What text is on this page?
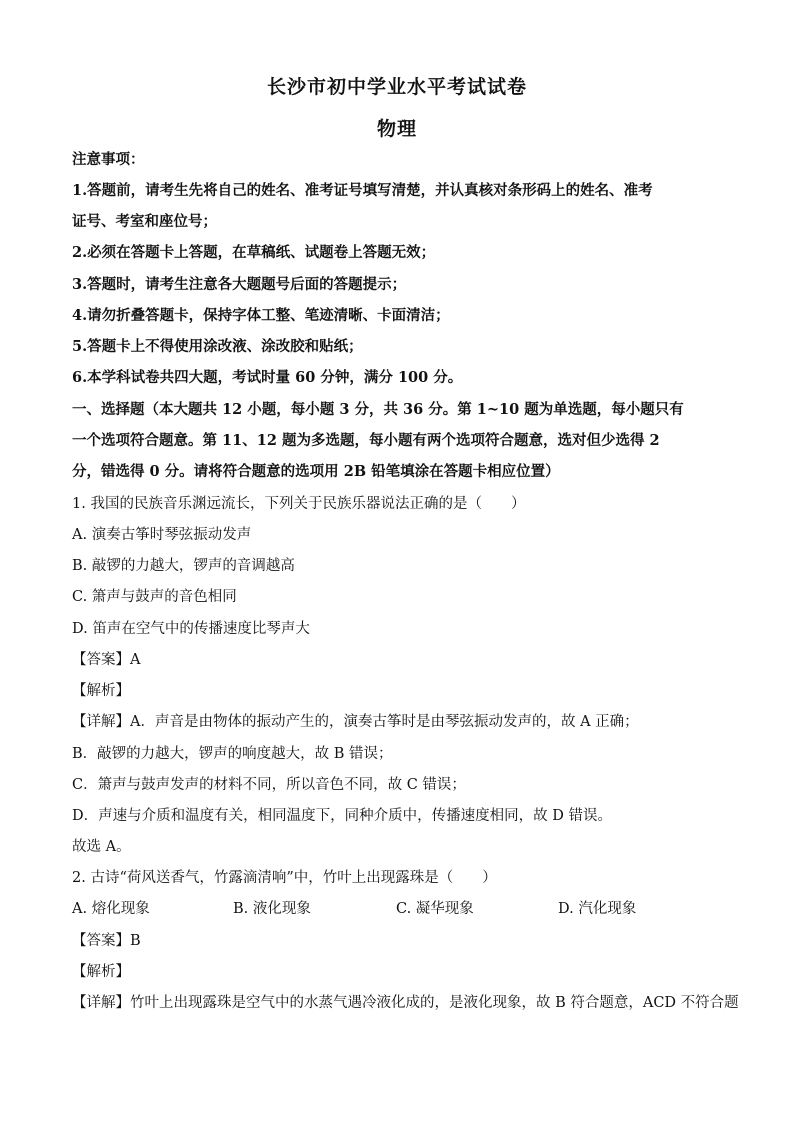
长沙市初中学业水平考试试卷
物理
注意事项：
1.答题前，请考生先将自己的姓名、准考证号填写清楚，并认真核对条形码上的姓名、准考
证号、考室和座位号；
2.必须在答题卡上答题，在草稿纸、试题卷上答题无效；
3.答题时，请考生注意各大题题号后面的答题提示；
4.请勿折叠答题卡，保持字体工整、笔迹清晰、卡面清洁；
5.答题卡上不得使用涂改液、涂改胶和贴纸；
6.本学科试卷共四大题，考试时量 60 分钟，满分 100 分。
一、选择题（本大题共 12 小题，每小题 3 分，共 36 分。第 1~10 题为单选题，每小题只有
一个选项符合题意。第 11、12 题为多选题，每小题有两个选项符合题意，选对但少选得 2
分，错选得 0 分。请将符合题意的选项用 2B 铅笔填涂在答题卡相应位置）
1. 我国的民族音乐渊远流长，下列关于民族乐器说法正确的是（　　）
A. 演奏古筝时琴弦振动发声
B. 敲锣的力越大，锣声的音调越高
C. 箫声与鼓声的音色相同
D. 笛声在空气中的传播速度比琴声大
【答案】A
【解析】
【详解】A．声音是由物体的振动产生的，演奏古筝时是由琴弦振动发声的，故 A 正确；
B．敲锣的力越大，锣声的响度越大，故 B 错误；
C．箫声与鼓声发声的材料不同，所以音色不同，故 C 错误；
D．声速与介质和温度有关，相同温度下，同种介质中，传播速度相同，故 D 错误。
故选 A。
2. 古诗“荷风送香气，竹露滴清响”中，竹叶上出现露珠是（　　）
A. 熔化现象	B. 液化现象	C. 凝华现象	D. 汽化现象
【答案】B
【解析】
【详解】竹叶上出现露珠是空气中的水蒸气遇冷液化成的，是液化现象，故 B 符合题意，ACD 不符合题
